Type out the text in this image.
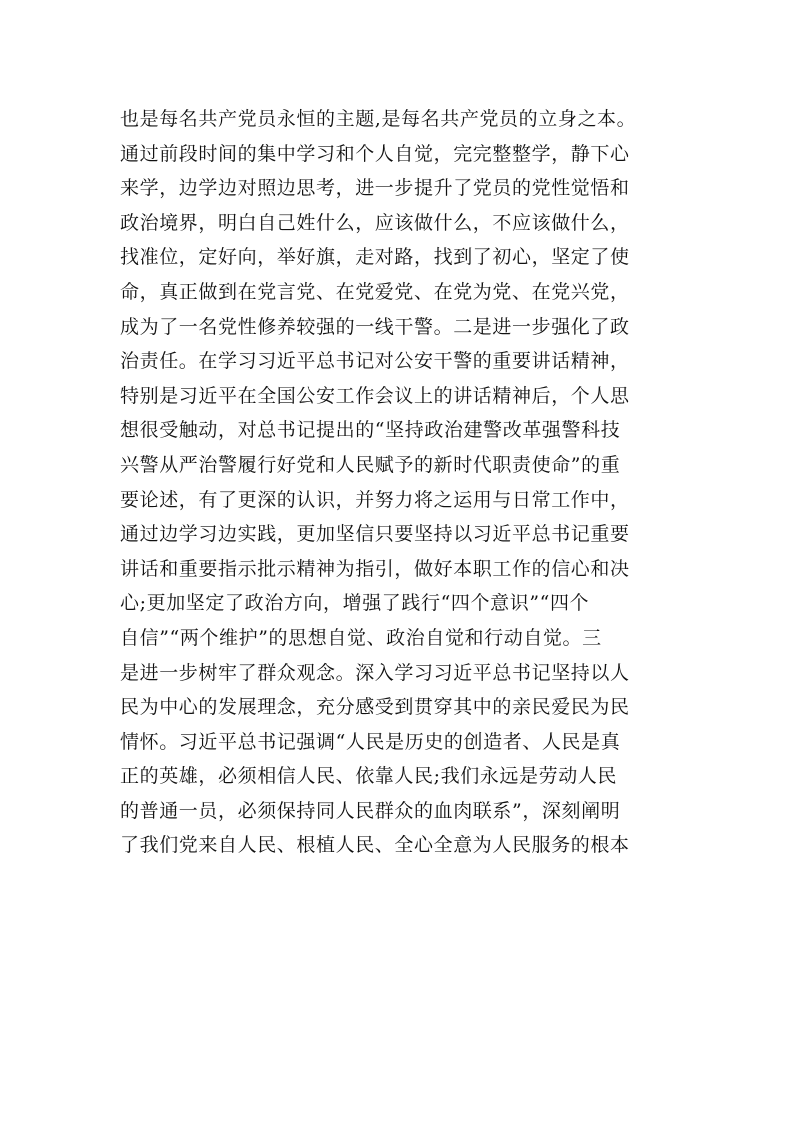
也是每名共产党员永恒的主题,是每名共产党员的立身之本。
通过前段时间的集中学习和个人自觉，完完整整学，静下心
来学，边学边对照边思考，进一步提升了党员的党性觉悟和
政治境界，明白自己姓什么，应该做什么，不应该做什么，
找准位，定好向，举好旗，走对路，找到了初心，坚定了使
命，真正做到在党言党、在党爱党、在党为党、在党兴党，
成为了一名党性修养较强的一线干警。二是进一步强化了政
治责任。在学习习近平总书记对公安干警的重要讲话精神，
特别是习近平在全国公安工作会议上的讲话精神后，个人思
想很受触动，对总书记提出的“坚持政治建警改革强警科技
兴警从严治警履行好党和人民赋予的新时代职责使命”的重
要论述，有了更深的认识，并努力将之运用与日常工作中，
通过边学习边实践，更加坚信只要坚持以习近平总书记重要
讲话和重要指示批示精神为指引，做好本职工作的信心和决
心;更加坚定了政治方向，增强了践行“四个意识”“四个
自信”“两个维护”的思想自觉、政治自觉和行动自觉。三
是进一步树牢了群众观念。深入学习习近平总书记坚持以人
民为中心的发展理念，充分感受到贯穿其中的亲民爱民为民
情怀。习近平总书记强调“人民是历史的创造者、人民是真
正的英雄，必须相信人民、依靠人民;我们永远是劳动人民
的普通一员，必须保持同人民群众的血肉联系”，深刻阐明
了我们党来自人民、根植人民、全心全意为人民服务的根本
